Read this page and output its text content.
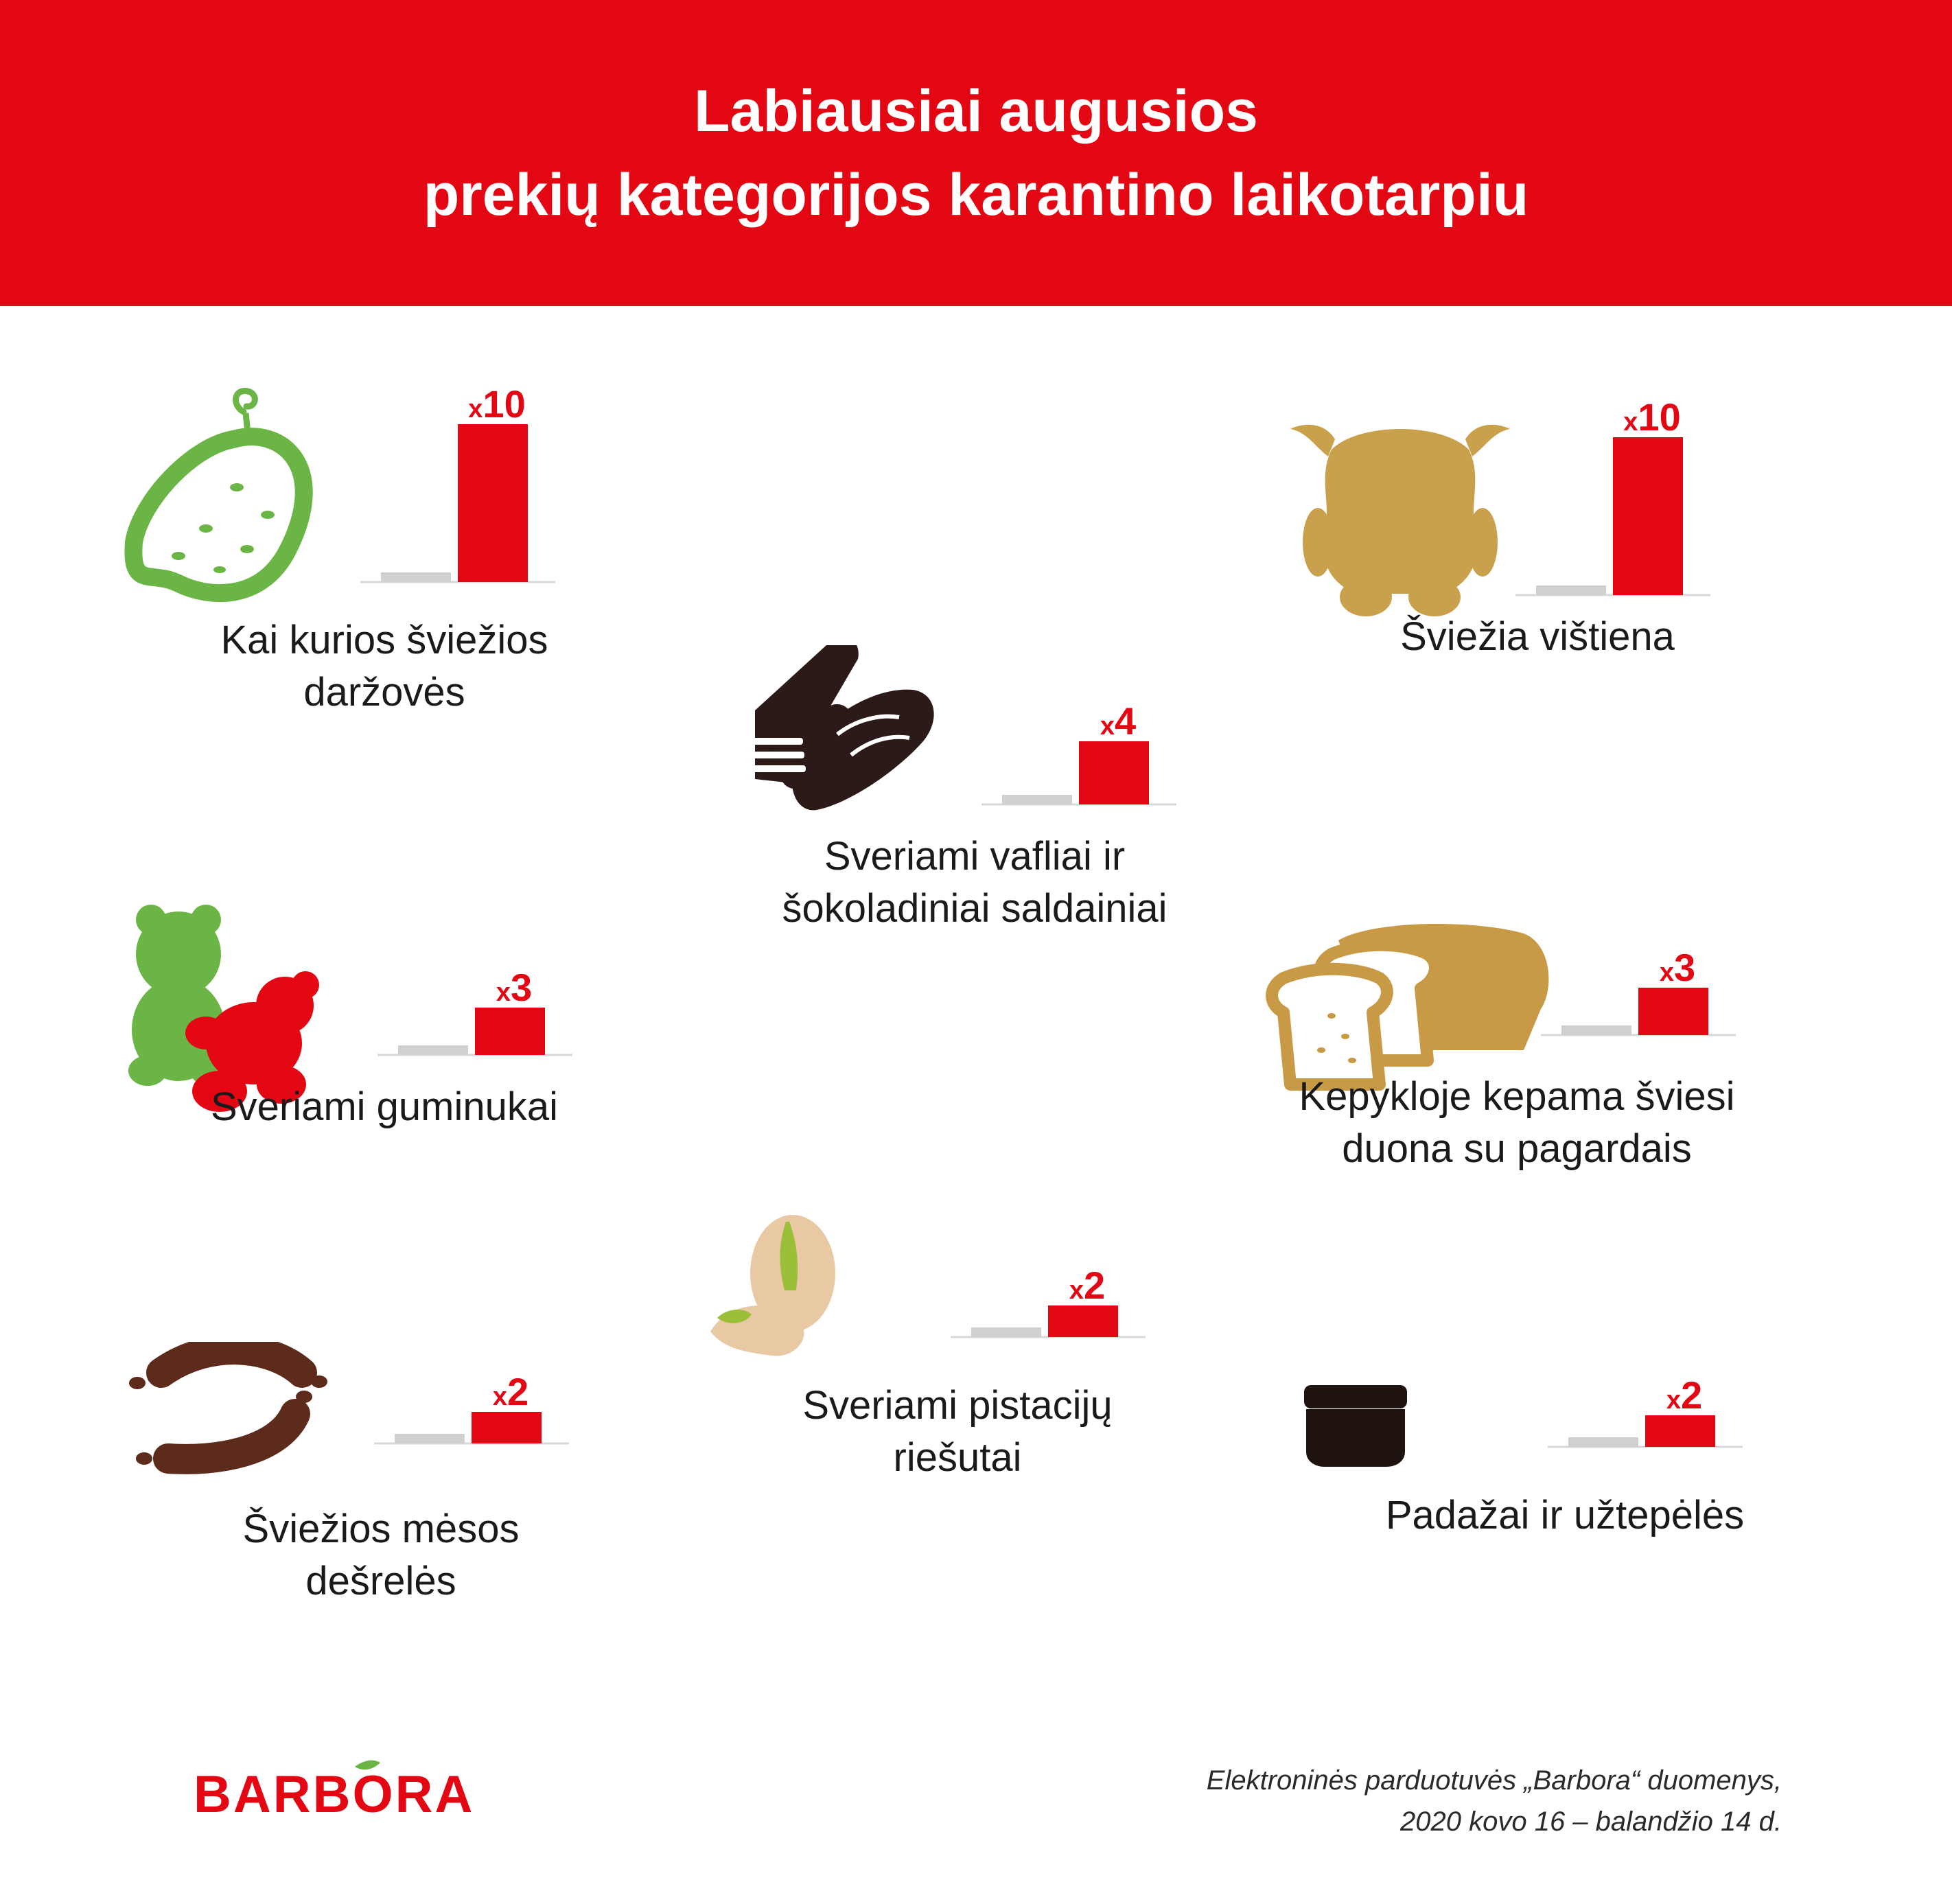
Labiausiai augusios
prekių kategorijos karantino laikotarpiu
x10
Kai kurios šviežios
daržovės
x10
Šviežia vištiena
x4
Sveriami vafliai ir
šokoladiniai saldainiai
x3
Sveriami guminukai
x3
Kepykloje kepama šviesi
duona su pagardais
x2
Sveriami pistacijų
riešutai
x2
Šviežios mėsos
dešrelės
x2
Padažai ir užtepėlės
BARBORA	Elektroninės parduotuvės „Barbora“ duomenys,
2020 kovo 16 – balandžio 14 d.
